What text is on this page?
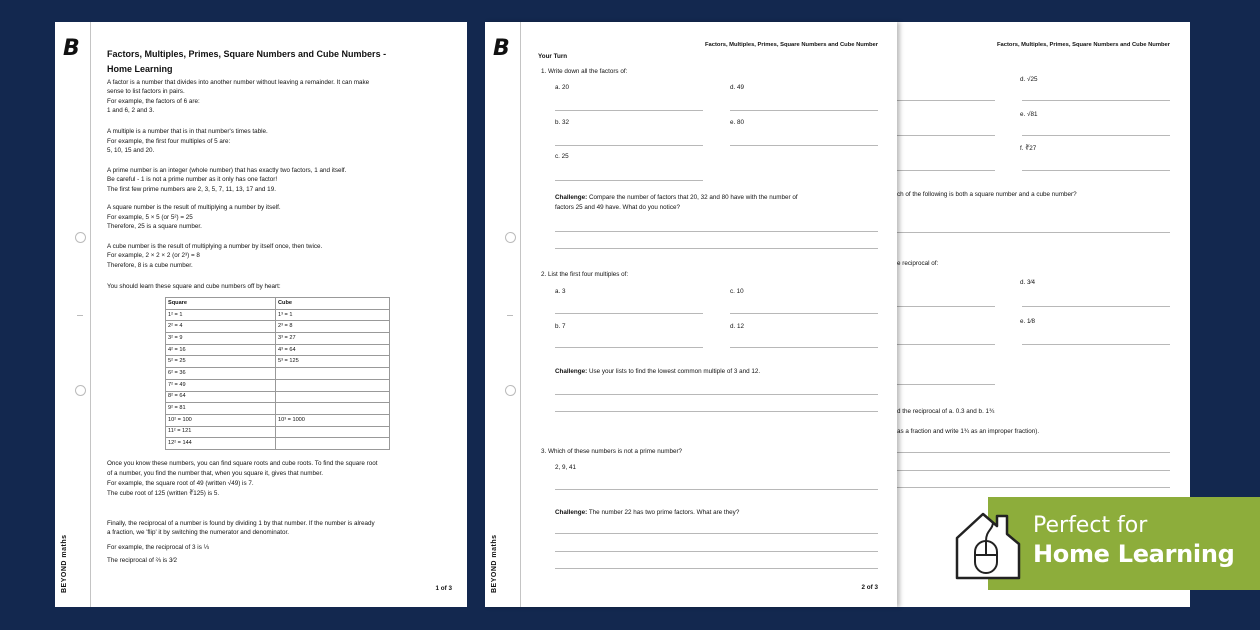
Factors, Multiples, Primes, Square Numbers and Cube Number
d. √25
e. √81
f. ∛27
ch of the following is both a square number and a cube number?
e reciprocal of:
d. 3⁄4
e. 1⁄8
d the reciprocal of a. 0.3 and b. 1¾
as a fraction and write 1¾ as an improper fraction).
B
BEYOND maths
Factors, Multiples, Primes, Square Numbers and Cube Numbers -
Home Learning
A factor is a number that divides into another number without leaving a remainder. It can make
sense to list factors in pairs.
For example, the factors of 6 are:
1 and 6, 2 and 3.
A multiple is a number that is in that number's times table.
For example, the first four multiples of 5 are:
5, 10, 15 and 20.
A prime number is an integer (whole number) that has exactly two factors, 1 and itself.
Be careful - 1 is not a prime number as it only has one factor!
The first few prime numbers are 2, 3, 5, 7, 11, 13, 17 and 19.
A square number is the result of multiplying a number by itself.
For example, 5 × 5 (or 5²) = 25
Therefore, 25 is a square number.
A cube number is the result of multiplying a number by itself once, then twice.
For example, 2 × 2 × 2 (or 2³) = 8
Therefore, 8 is a cube number.
You should learn these square and cube numbers off by heart:
Square	Cube
1² = 1	1³ = 1
2² = 4	2³ = 8
3² = 9	3³ = 27
4² = 16	4³ = 64
5² = 25	5³ = 125
6² = 36	
7² = 49	
8² = 64	
9² = 81	
10² = 100	10³ = 1000
11² = 121	
12² = 144	
Once you know these numbers, you can find square roots and cube roots. To find the square root
of a number, you find the number that, when you square it, gives that number.
For example, the square root of 49 (written √49) is 7.
The cube root of 125 (written ∛125) is 5.
Finally, the reciprocal of a number is found by dividing 1 by that number. If the number is already
a fraction, we 'flip' it by switching the numerator and denominator.
For example, the reciprocal of 3 is ⅓
The reciprocal of ⅔ is 3⁄2
1 of 3
B
BEYOND maths
Factors, Multiples, Primes, Square Numbers and Cube Number
Your Turn
1. Write down all the factors of:
a. 20	d. 49
b. 32	e. 80
c. 25
Challenge: Compare the number of factors that 20, 32 and 80 have with the number of
factors 25 and 49 have. What do you notice?
2. List the first four multiples of:
a. 3	c. 10
b. 7	d. 12
Challenge: Use your lists to find the lowest common multiple of 3 and 12.
3. Which of these numbers is not a prime number?
2, 9, 41
Challenge: The number 22 has two prime factors. What are they?
2 of 3
Perfect for
Home Learning
